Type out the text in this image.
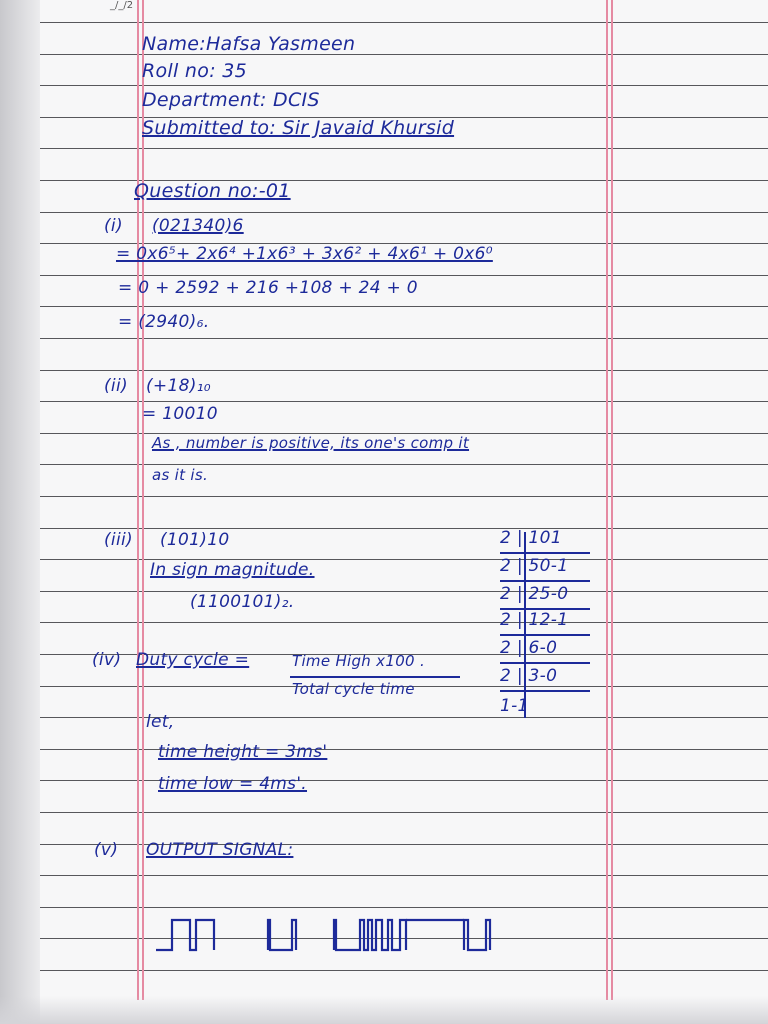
_/_/2

Name:Hafsa Yasmeen

Roll no: 35

Department: DCIS

Submitted to: Sir Javaid Khursid

Question no:-01

(i) (021340)6

= 0x6⁵+ 2x6⁴ +1x6³ + 3x6² + 4x6¹ + 0x6⁰

= 0 + 2592 + 216 +108 + 24 + 0

= (2940)₆.

(ii) (+18)₁₀

= 10010

As , number is positive, its one's comp it

as it is.

(iii) (101)10

In sign magnitude.

(1100101)₂.

2 | 101

2 | 50-1

2 | 25-0

2 | 12-1

2 | 6-0

2 | 3-0

1-1

(iv) Duty cycle =	Time High x100 .

Total cycle time

let,

time height = 3ms'

time low = 4ms'.

(v) OUTPUT SIGNAL:
